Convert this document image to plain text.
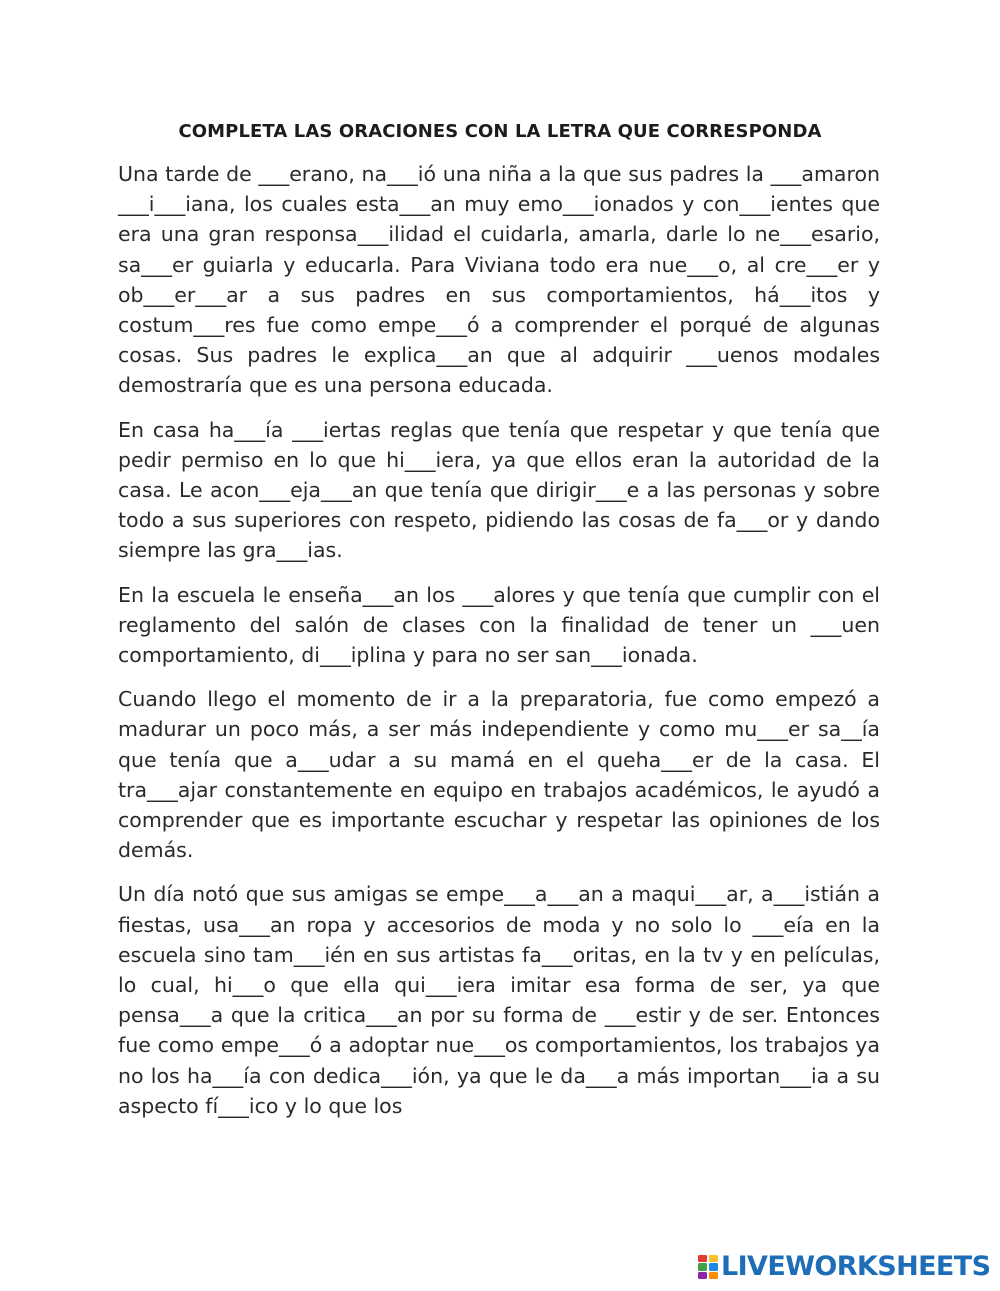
COMPLETA LAS ORACIONES CON LA LETRA QUE CORRESPONDA

Una tarde de ___erano, na___ió una niña a la que sus padres la ___amaron ___i___iana, los cuales esta___an muy emo___ionados y con___ientes que era una gran responsa___ilidad el cuidarla, amarla, darle lo ne___esario, sa___er guiarla y educarla. Para Viviana todo era nue___o, al cre___er y ob___er___ar a sus padres en sus comportamientos, há___itos y costum___res fue como empe___ó a comprender el porqué de algunas cosas. Sus padres le explica___an que al adquirir ___uenos modales demostraría que es una persona educada.

En casa ha___ía ___iertas reglas que tenía que respetar y que tenía que pedir permiso en lo que hi___iera, ya que ellos eran la autoridad de la casa. Le acon___eja___an que tenía que dirigir___e a las personas y sobre todo a sus superiores con respeto, pidiendo las cosas de fa___or y dando siempre las gra___ias.

En la escuela le enseña___an los ___alores y que tenía que cumplir con el reglamento del salón de clases con la finalidad de tener un ___uen comportamiento, di___iplina y para no ser san___ionada.

Cuando llego el momento de ir a la preparatoria, fue como empezó a madurar un poco más, a ser más independiente y como mu___er sa__ía que tenía que a___udar a su mamá en el queha___er de la casa. El tra___ajar constantemente en equipo en trabajos académicos, le ayudó a comprender que es importante escuchar y respetar las opiniones de los demás.

Un día notó que sus amigas se empe___a___an a maqui___ar, a___istián a fiestas, usa___an ropa y accesorios de moda y no solo lo ___eía en la escuela sino tam___ién en sus artistas fa___oritas, en la tv y en películas, lo cual, hi___o que ella qui___iera imitar esa forma de ser, ya que pensa___a que la critica___an por su forma de ___estir y de ser. Entonces fue como empe___ó a adoptar nue___os comportamientos, los trabajos ya no los ha___ía con dedica___ión, ya que le da___a más importan___ia a su aspecto fí___ico y lo que los

LIVEWORKSHEETS
